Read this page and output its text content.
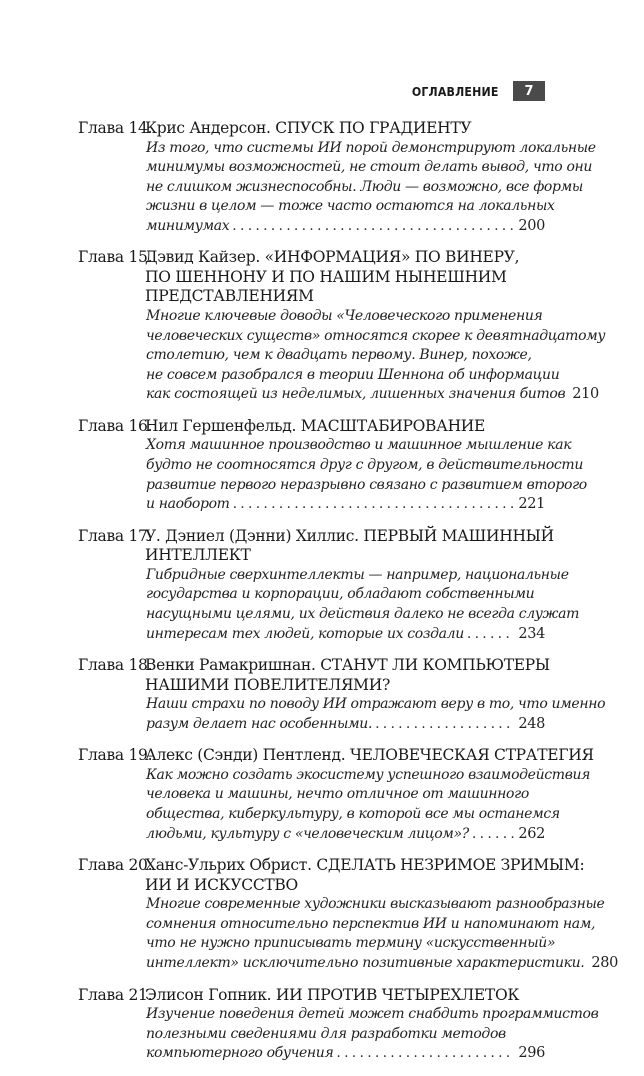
ОГЛАВЛЕНИЕ	7
Глава 14.
Крис Андерсон. СПУСК ПО ГРАДИЕНТУ
Из того, что системы ИИ порой демонстрируют локальные
минимумы возможностей, не стоит делать вывод, что они
не слишком жизнеспособны. Люди — возможно, все формы
жизни в целом — тоже часто остаются на локальных
минимумах . . .	200
Глава 15.
Дэвид Кайзер. «ИНФОРМАЦИЯ» ПО ВИНЕРУ,
ПО ШЕННОНУ И ПО НАШИМ НЫНЕШНИМ
ПРЕДСТАВЛЕНИЯМ
Многие ключевые доводы «Человеческого применения
человеческих существ» относятся скорее к девятнадцатому
столетию, чем к двадцать первому. Винер, похоже,
не совсем разобрался в теории Шеннона об информации
как состоящей из неделимых, лишенных значения битов . . . 210
Глава 16.
Нил Гершенфельд. МАСШТАБИРОВАНИЕ
Хотя машинное производство и машинное мышление как
будто не соотносятся друг с другом, в действительности
развитие первого неразрывно связано с развитием второго
и наоборот . . .	221
Глава 17.
У. Дэниел (Дэнни) Хиллис. ПЕРВЫЙ МАШИННЫЙ
ИНТЕЛЛЕКТ
Гибридные сверхинтеллекты — например, национальные
государства и корпорации, обладают собственными
насущными целями, их действия далеко не всегда служат
интересам тех людей, которые их создали . . .	234
Глава 18.
Венки Рамакришнан. СТАНУТ ЛИ КОМПЬЮТЕРЫ
НАШИМИ ПОВЕЛИТЕЛЯМИ?
Наши страхи по поводу ИИ отражают веру в то, что именно
разум делает нас особенными. . . .	248
Глава 19.
Алекс (Сэнди) Пентленд. ЧЕЛОВЕЧЕСКАЯ СТРАТЕГИЯ
Как можно создать экосистему успешного взаимодействия
человека и машины, нечто отличное от машинного
общества, киберкультуру, в которой все мы останемся
людьми, культуру с «человеческим лицом»? . . .	262
Глава 20.
Ханс-Ульрих Обрист. СДЕЛАТЬ НЕЗРИМОЕ ЗРИМЫМ:
ИИ И ИСКУССТВО
Многие современные художники высказывают разнообразные
сомнения относительно перспектив ИИ и напоминают нам,
что не нужно приписывать термину «искусственный»
интеллект» исключительно позитивные характеристики. . . . 280
Глава 21.
Элисон Гопник. ИИ ПРОТИВ ЧЕТЫРЕХЛЕТОК
Изучение поведения детей может снабдить программистов
полезными сведениями для разработки методов
компьютерного обучения . . .	296
